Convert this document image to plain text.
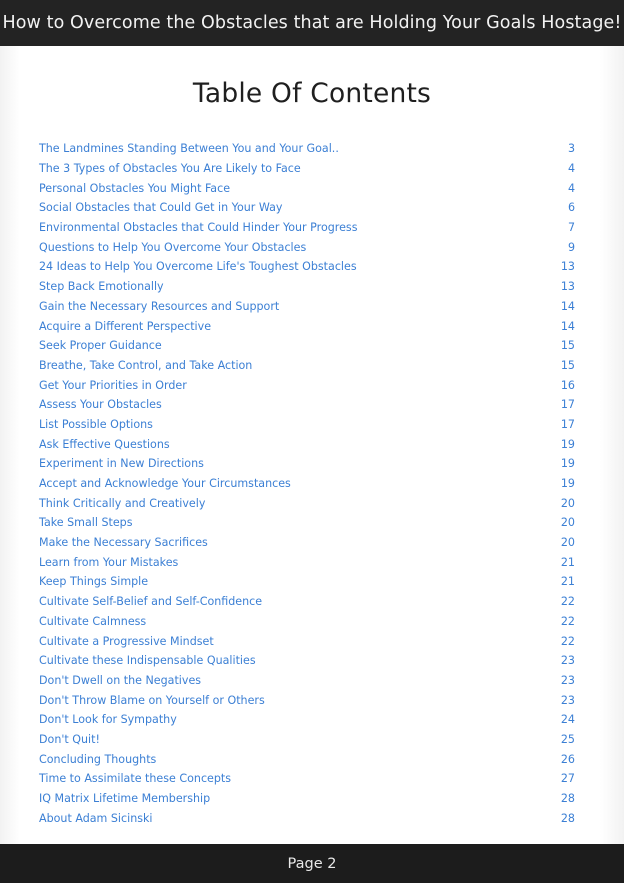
How to Overcome the Obstacles that are Holding Your Goals Hostage!
Table Of Contents
The Landmines Standing Between You and Your Goal..	3
The 3 Types of Obstacles You Are Likely to Face	4
Personal Obstacles You Might Face	4
Social Obstacles that Could Get in Your Way	6
Environmental Obstacles that Could Hinder Your Progress	7
Questions to Help You Overcome Your Obstacles	9
24 Ideas to Help You Overcome Life's Toughest Obstacles	13
Step Back Emotionally	13
Gain the Necessary Resources and Support	14
Acquire a Different Perspective	14
Seek Proper Guidance	15
Breathe, Take Control, and Take Action	15
Get Your Priorities in Order	16
Assess Your Obstacles	17
List Possible Options	17
Ask Effective Questions	19
Experiment in New Directions	19
Accept and Acknowledge Your Circumstances	19
Think Critically and Creatively	20
Take Small Steps	20
Make the Necessary Sacrifices	20
Learn from Your Mistakes	21
Keep Things Simple	21
Cultivate Self-Belief and Self-Confidence	22
Cultivate Calmness	22
Cultivate a Progressive Mindset	22
Cultivate these Indispensable Qualities	23
Don't Dwell on the Negatives	23
Don't Throw Blame on Yourself or Others	23
Don't Look for Sympathy	24
Don't Quit!	25
Concluding Thoughts	26
Time to Assimilate these Concepts	27
IQ Matrix Lifetime Membership	28
About Adam Sicinski	28
Page 2
